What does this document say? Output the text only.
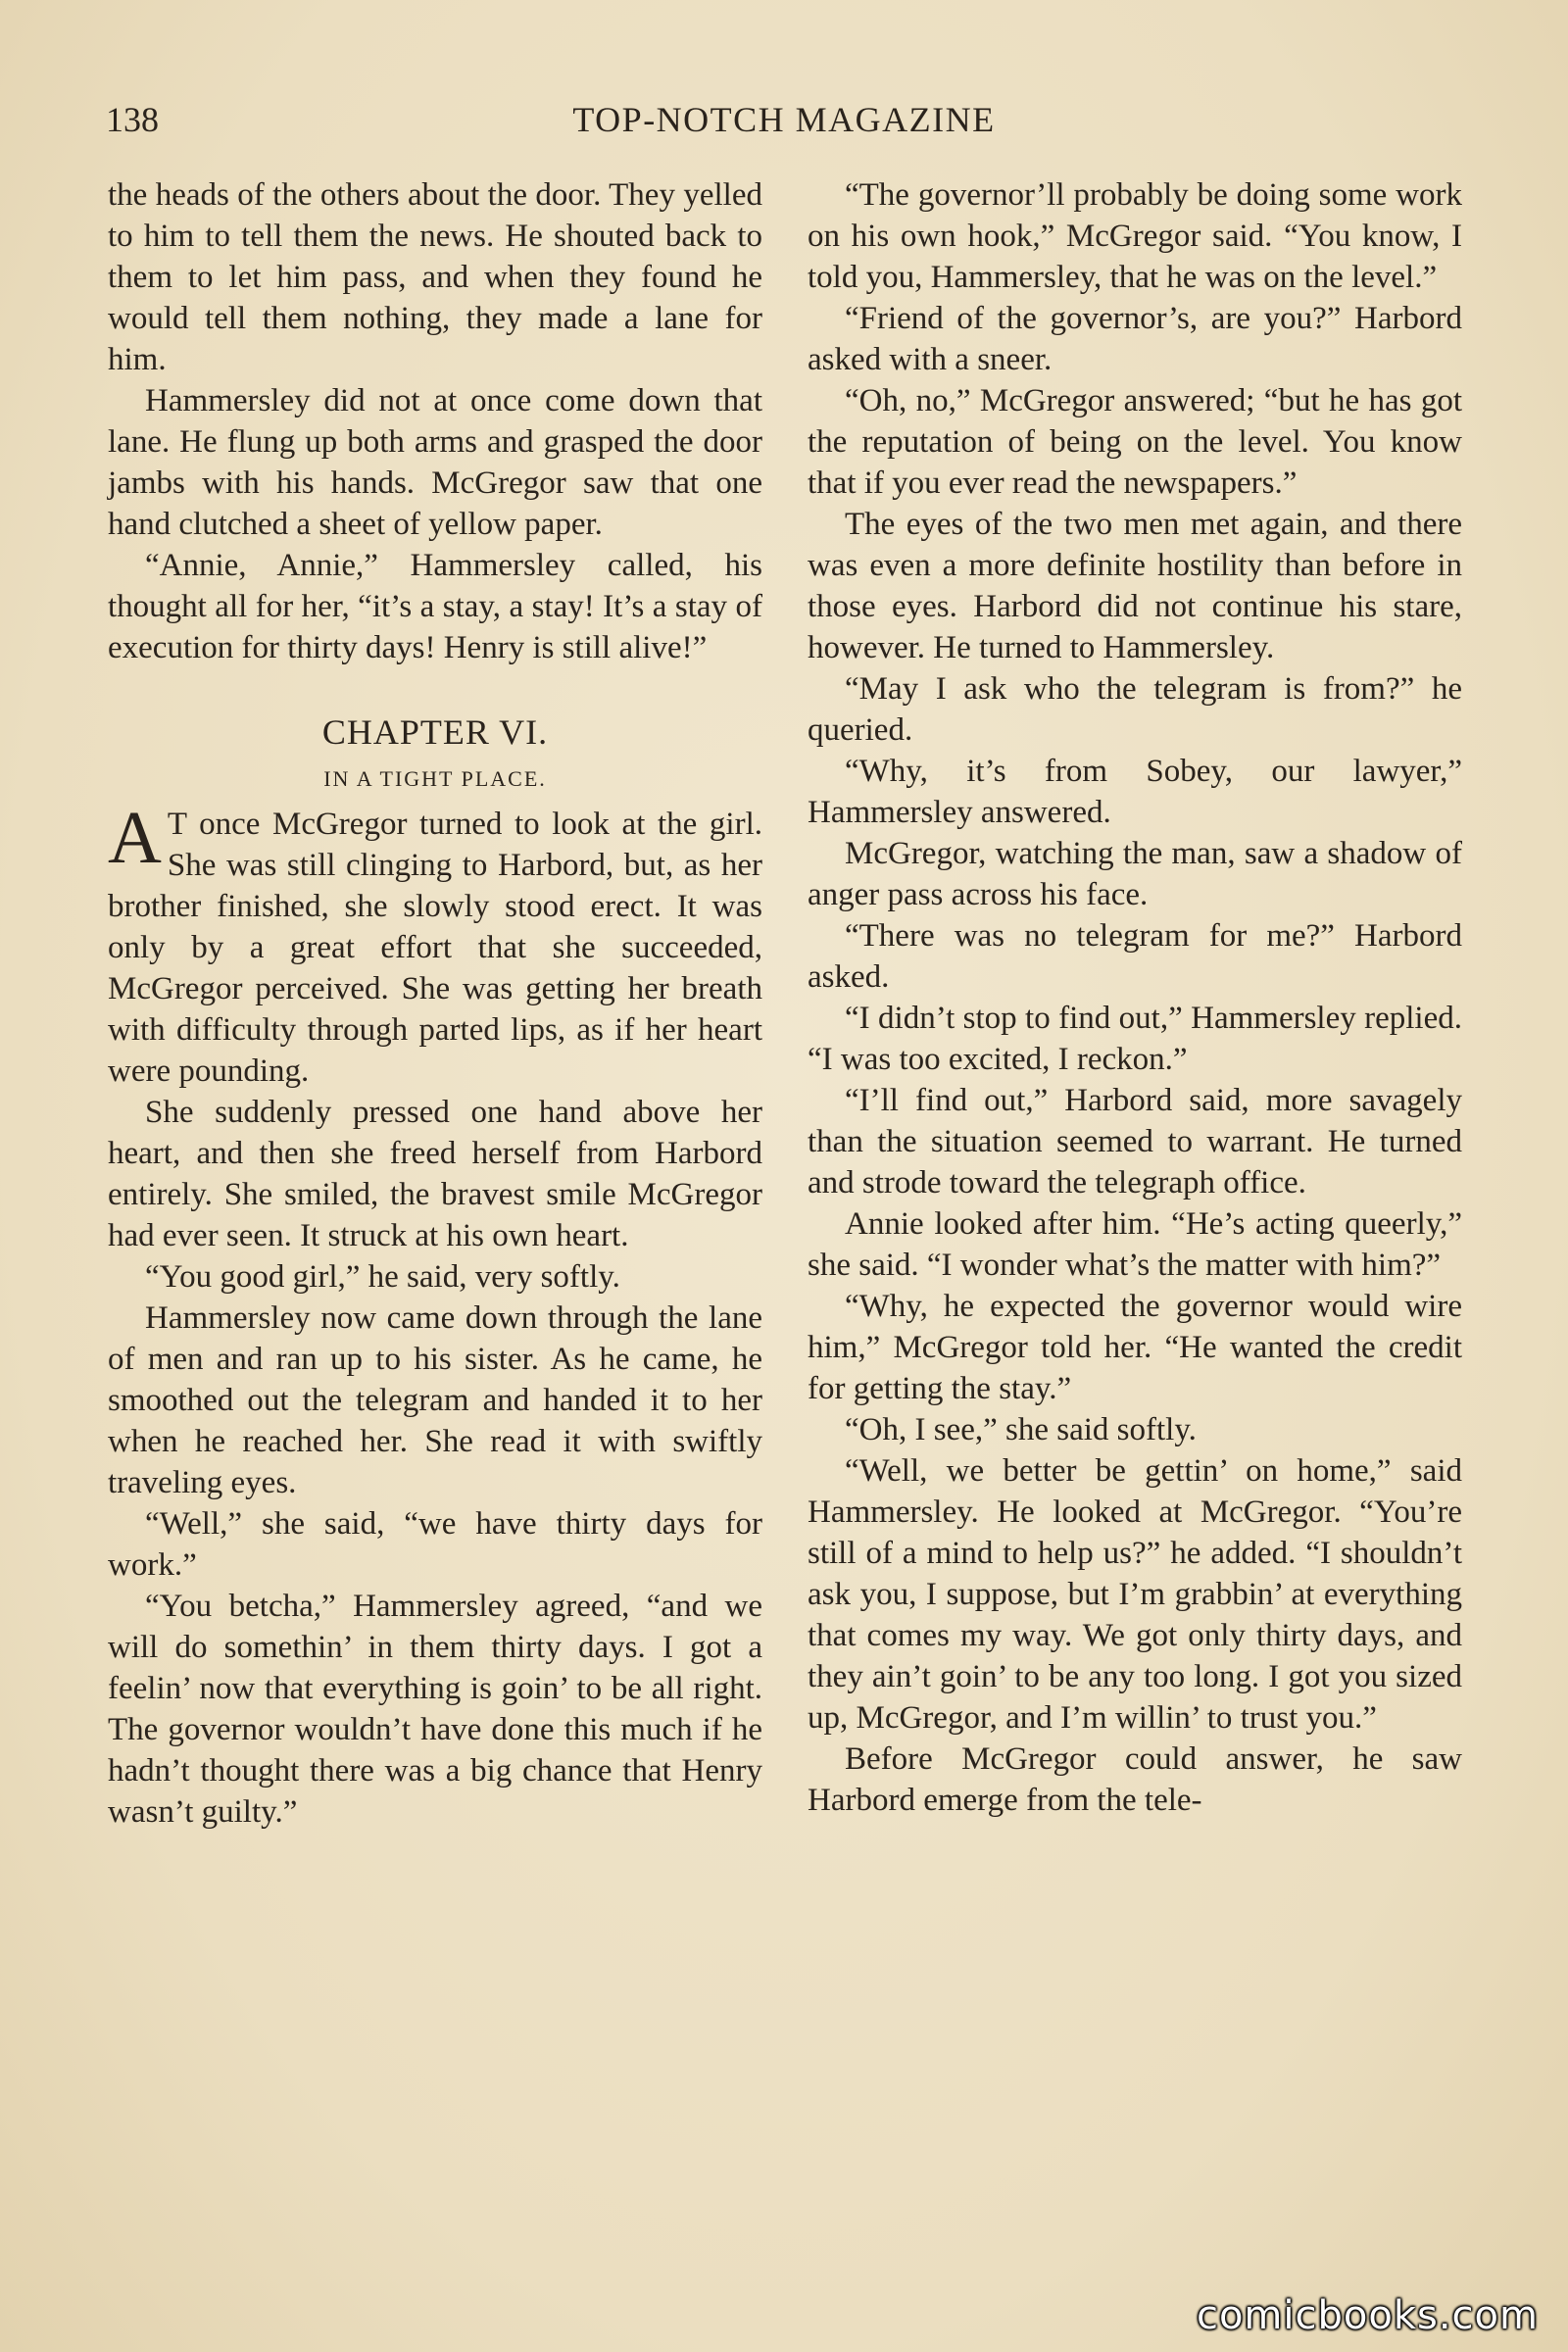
138	TOP-NOTCH MAGAZINE

the heads of the others about the door. They yelled to him to tell them the news. He shouted back to them to let him pass, and when they found he would tell them nothing, they made a lane for him.

Hammersley did not at once come down that lane. He flung up both arms and grasped the door jambs with his hands. McGregor saw that one hand clutched a sheet of yellow paper.

“Annie, Annie,” Hammersley called, his thought all for her, “it’s a stay, a stay! It’s a stay of execution for thirty days! Henry is still alive!”

CHAPTER VI.
IN A TIGHT PLACE.

A T once McGregor turned to look at the girl. She was still clinging to Harbord, but, as her brother finished, she slowly stood erect. It was only by a great effort that she succeeded, McGregor perceived. She was getting her breath with difficulty through parted lips, as if her heart were pounding.

She suddenly pressed one hand above her heart, and then she freed herself from Harbord entirely. She smiled, the bravest smile McGregor had ever seen. It struck at his own heart.

“You good girl,” he said, very softly.

Hammersley now came down through the lane of men and ran up to his sister. As he came, he smoothed out the telegram and handed it to her when he reached her. She read it with swiftly traveling eyes.

“Well,” she said, “we have thirty days for work.”

“You betcha,” Hammersley agreed, “and we will do somethin’ in them thirty days. I got a feelin’ now that everything is goin’ to be all right. The governor wouldn’t have done this much if he hadn’t thought there was a big chance that Henry wasn’t guilty.”

“The governor’ll probably be doing some work on his own hook,” McGregor said. “You know, I told you, Hammersley, that he was on the level.”

“Friend of the governor’s, are you?” Harbord asked with a sneer.

“Oh, no,” McGregor answered; “but he has got the reputation of being on the level. You know that if you ever read the newspapers.”

The eyes of the two men met again, and there was even a more definite hostility than before in those eyes. Harbord did not continue his stare, however. He turned to Hammersley.

“May I ask who the telegram is from?” he queried.

“Why, it’s from Sobey, our lawyer,” Hammersley answered.

McGregor, watching the man, saw a shadow of anger pass across his face.

“There was no telegram for me?” Harbord asked.

“I didn’t stop to find out,” Hammersley replied. “I was too excited, I reckon.”

“I’ll find out,” Harbord said, more savagely than the situation seemed to warrant. He turned and strode toward the telegraph office.

Annie looked after him. “He’s acting queerly,” she said. “I wonder what’s the matter with him?”

“Why, he expected the governor would wire him,” McGregor told her. “He wanted the credit for getting the stay.”

“Oh, I see,” she said softly.

“Well, we better be gettin’ on home,” said Hammersley. He looked at McGregor. “You’re still of a mind to help us?” he added. “I shouldn’t ask you, I suppose, but I’m grabbin’ at everything that comes my way. We got only thirty days, and they ain’t goin’ to be any too long. I got you sized up, McGregor, and I’m willin’ to trust you.”

Before McGregor could answer, he saw Harbord emerge from the tele-

comicbooks.com
